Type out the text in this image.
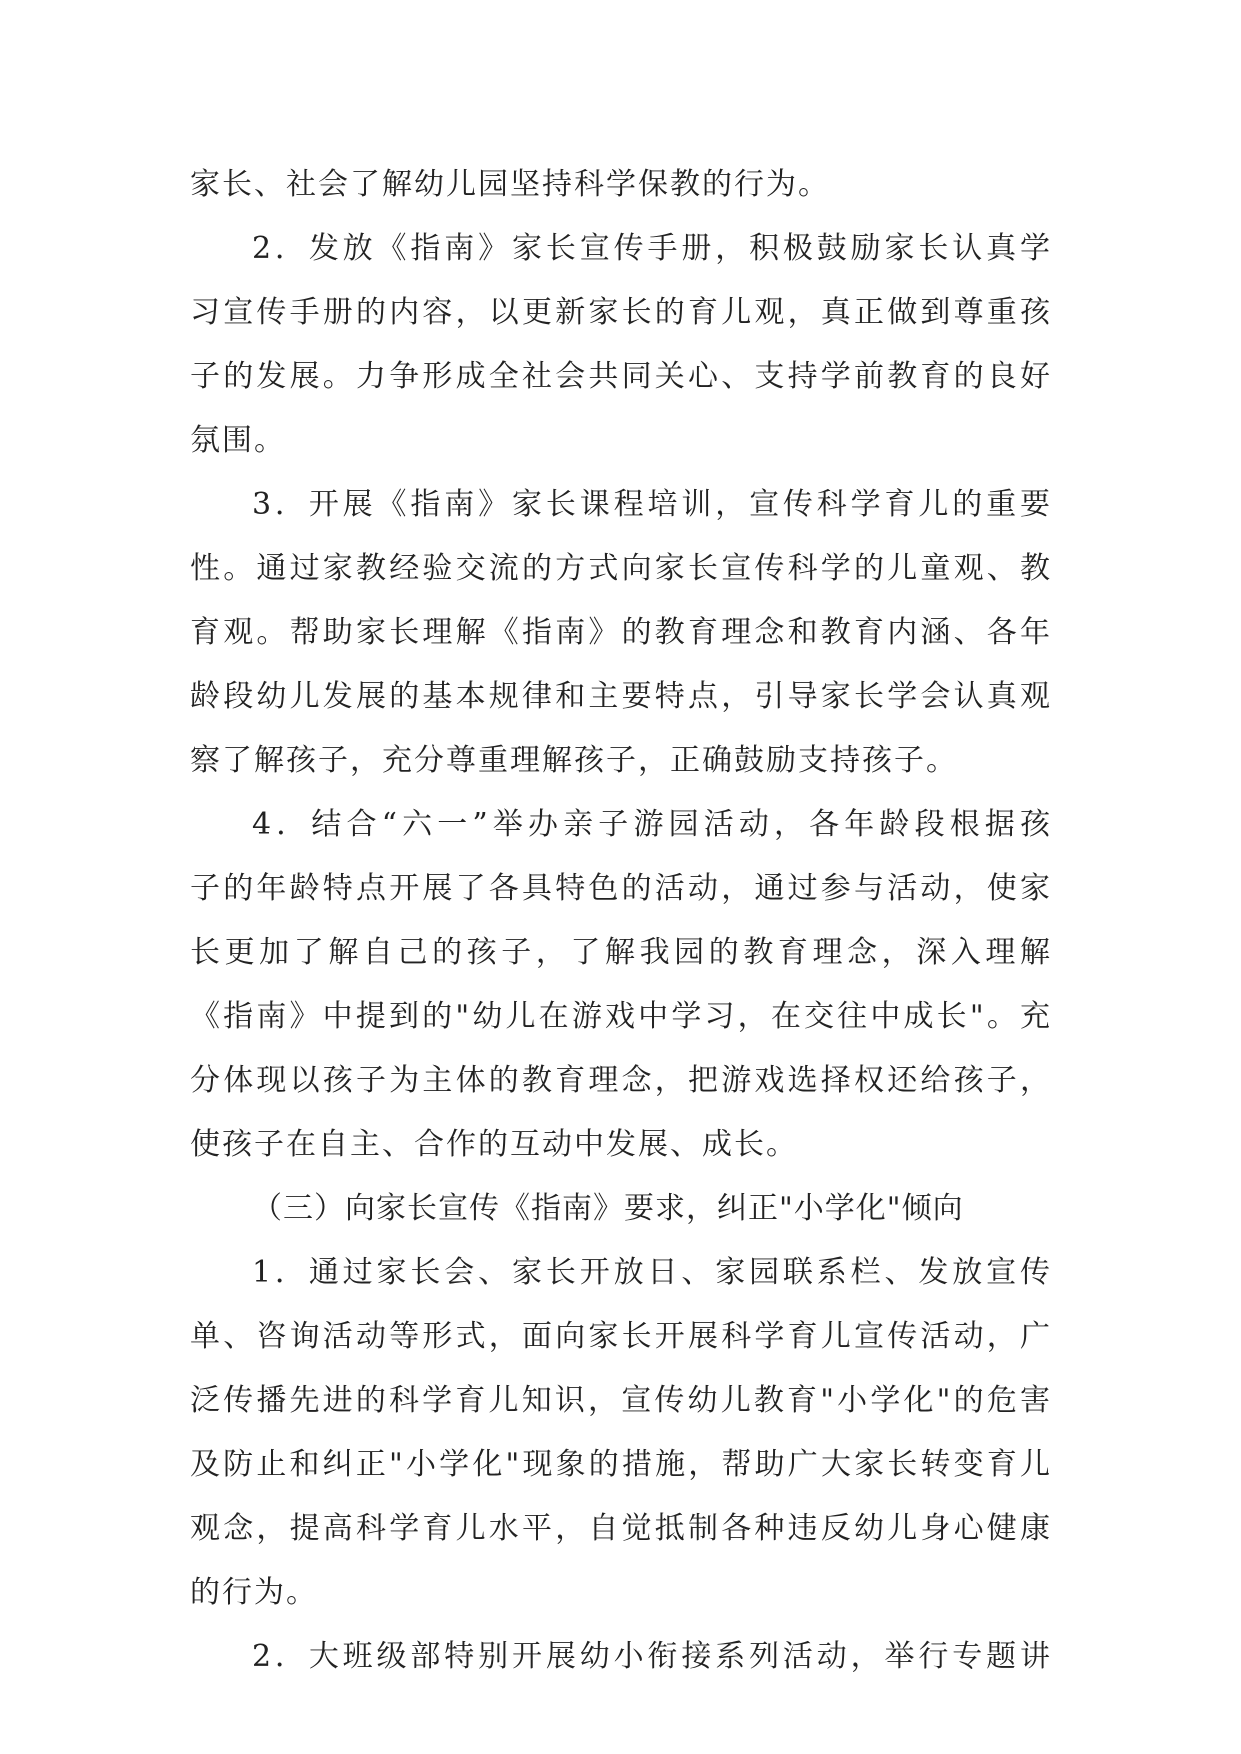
家长、社会了解幼儿园坚持科学保教的行为。
2．发放《指南》家长宣传手册，积极鼓励家长认真学
习宣传手册的内容，以更新家长的育儿观，真正做到尊重孩
子的发展。力争形成全社会共同关心、支持学前教育的良好
氛围。
3．开展《指南》家长课程培训，宣传科学育儿的重要
性。通过家教经验交流的方式向家长宣传科学的儿童观、教
育观。帮助家长理解《指南》的教育理念和教育内涵、各年
龄段幼儿发展的基本规律和主要特点，引导家长学会认真观
察了解孩子，充分尊重理解孩子，正确鼓励支持孩子。
4．结合“六一”举办亲子游园活动，各年龄段根据孩
子的年龄特点开展了各具特色的活动，通过参与活动，使家
长更加了解自己的孩子，了解我园的教育理念，深入理解
《指南》中提到的"幼儿在游戏中学习，在交往中成长"。充
分体现以孩子为主体的教育理念，把游戏选择权还给孩子，
使孩子在自主、合作的互动中发展、成长。
（三）向家长宣传《指南》要求，纠正"小学化"倾向
1．通过家长会、家长开放日、家园联系栏、发放宣传
单、咨询活动等形式，面向家长开展科学育儿宣传活动，广
泛传播先进的科学育儿知识，宣传幼儿教育"小学化"的危害
及防止和纠正"小学化"现象的措施，帮助广大家长转变育儿
观念，提高科学育儿水平，自觉抵制各种违反幼儿身心健康
的行为。
2．大班级部特别开展幼小衔接系列活动，举行专题讲
